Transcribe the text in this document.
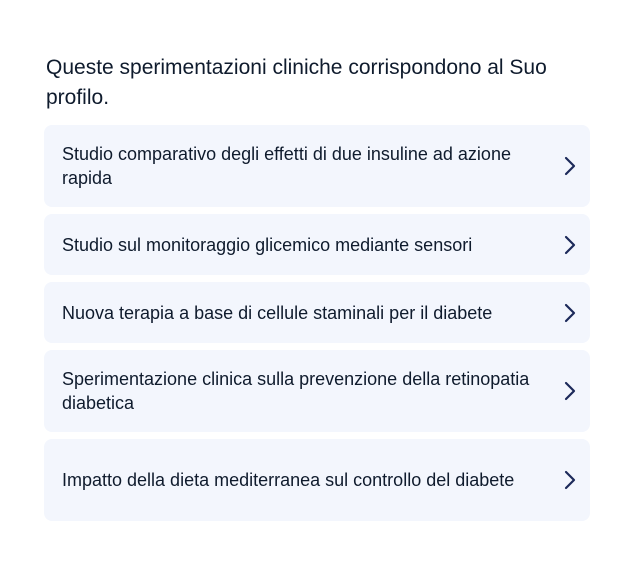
Queste sperimentazioni cliniche corrispondono al Suo profilo.
Studio comparativo degli effetti di due insuline ad azione rapida
Studio sul monitoraggio glicemico mediante sensori
Nuova terapia a base di cellule staminali per il diabete
Sperimentazione clinica sulla prevenzione della retinopatia diabetica
Impatto della dieta mediterranea sul controllo del diabete
